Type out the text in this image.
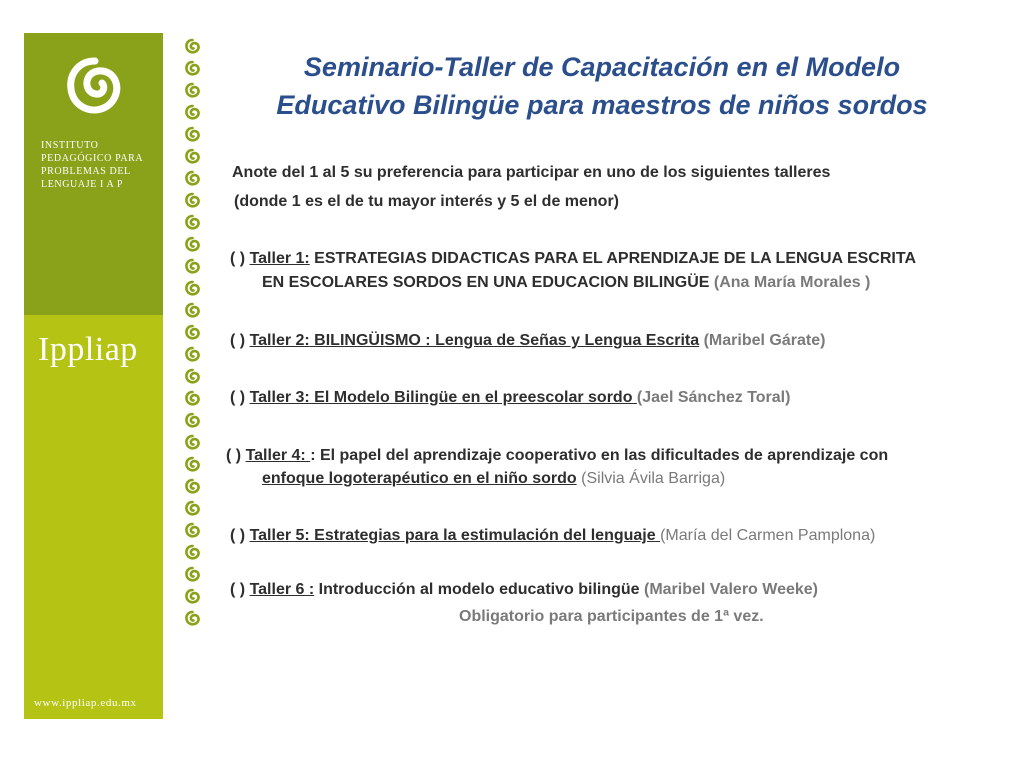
INSTITUTO
PEDAGÓGICO PARA
PROBLEMAS DEL
LENGUAJE I A P
Ippliap
www.ippliap.edu.mx
Seminario-Taller de Capacitación en el Modelo
Educativo Bilingüe para maestros de niños sordos
Anote del 1 al 5 su preferencia para participar en uno de los siguientes talleres
(donde 1 es el de tu mayor interés y 5 el de menor)
( ) Taller 1: ESTRATEGIAS DIDACTICAS PARA EL APRENDIZAJE DE LA LENGUA ESCRITA
EN ESCOLARES SORDOS EN UNA EDUCACION BILINGÜE (Ana María Morales )
( ) Taller 2: BILINGÜISMO : Lengua de Señas y Lengua Escrita (Maribel Gárate)
( ) Taller 3: El Modelo Bilingüe en el preescolar sordo (Jael Sánchez Toral)
( ) Taller 4: : El papel del aprendizaje cooperativo en las dificultades de aprendizaje con
enfoque logoterapéutico en el niño sordo (Silvia Ávila Barriga)
( ) Taller 5: Estrategias para la estimulación del lenguaje (María del Carmen Pamplona)
( ) Taller 6 : Introducción al modelo educativo bilingüe (Maribel Valero Weeke)
Obligatorio para participantes de 1ª vez.
